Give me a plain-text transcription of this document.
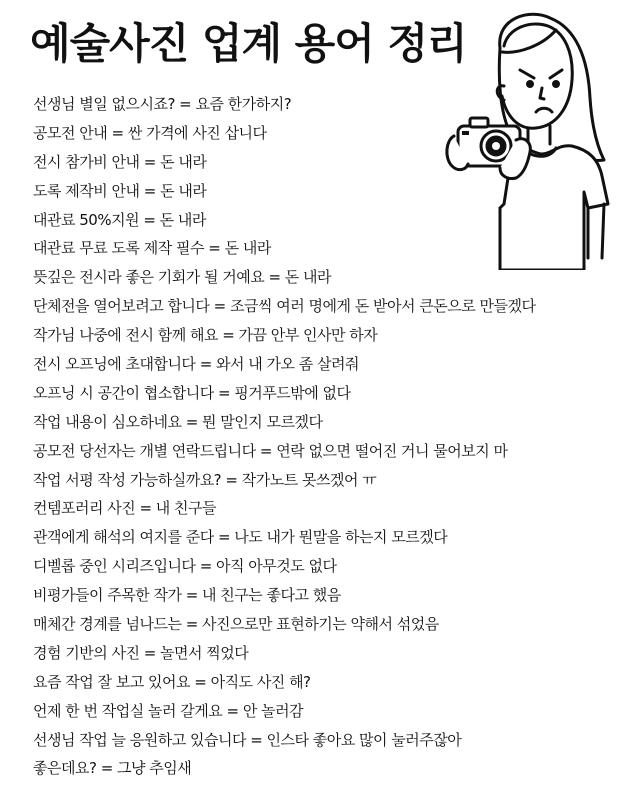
예술사진 업계 용어 정리
선생님 별일 없으시죠? = 요즘 한가하지?
공모전 안내 = 싼 가격에 사진 삽니다
전시 참가비 안내 = 돈 내라
도록 제작비 안내 = 돈 내라
대관료 50%지원 = 돈 내라
대관료 무료 도록 제작 필수 = 돈 내라
뜻깊은 전시라 좋은 기회가 될 거예요 = 돈 내라
단체전을 열어보려고 합니다 = 조금씩 여러 명에게 돈 받아서 큰돈으로 만들겠다
작가님 나중에 전시 함께 해요 = 가끔 안부 인사만 하자
전시 오프닝에 초대합니다 = 와서 내 가오 좀 살려줘
오프닝 시 공간이 협소합니다 = 핑거푸드밖에 없다
작업 내용이 심오하네요 = 뭔 말인지 모르겠다
공모전 당선자는 개별 연락드립니다 = 연락 없으면 떨어진 거니 물어보지 마
작업 서평 작성 가능하실까요? = 작가노트 못쓰겠어 ㅠ
컨템포러리 사진 = 내 친구들
관객에게 해석의 여지를 준다 = 나도 내가 뭔말을 하는지 모르겠다
디벨롭 중인 시리즈입니다 = 아직 아무것도 없다
비평가들이 주목한 작가 = 내 친구는 좋다고 했음
매체간 경계를 넘나드는 = 사진으로만 표현하기는 약해서 섞었음
경험 기반의 사진 = 놀면서 찍었다
요즘 작업 잘 보고 있어요 = 아직도 사진 해?
언제 한 번 작업실 놀러 갈게요 = 안 놀러감
선생님 작업 늘 응원하고 있습니다 = 인스타 좋아요 많이 눌러주잖아
좋은데요? = 그냥 추임새
